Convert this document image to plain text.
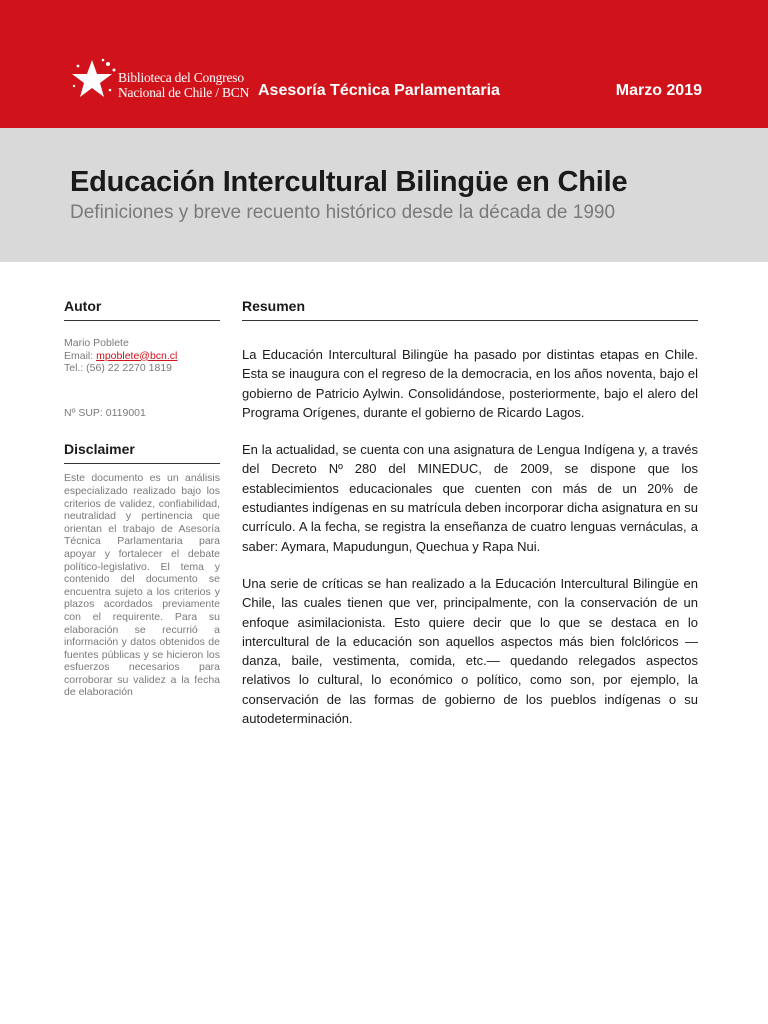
Biblioteca del Congreso
Nacional de Chile / BCN Asesoría Técnica Parlamentaria	Marzo 2019
Educación Intercultural Bilingüe en Chile
Definiciones y breve recuento histórico desde la década de 1990
Autor
Mario Poblete
Email: mpoblete@bcn.cl
Tel.: (56) 22 2270 1819
Nº SUP: 0119001
Disclaimer
Este documento es un análisis especializado realizado bajo los criterios de validez, confiabilidad, neutralidad y pertinencia que orientan el trabajo de Asesoría Técnica Parlamentaria para apoyar y fortalecer el debate político-legislativo. El tema y contenido del documento se encuentra sujeto a los criterios y plazos acordados previamente con el requirente. Para su elaboración se recurrió a información y datos obtenidos de fuentes públicas y se hicieron los esfuerzos necesarios para corroborar su validez a la fecha de elaboración
Resumen

La Educación Intercultural Bilingüe ha pasado por distintas etapas en Chile. Esta se inaugura con el regreso de la democracia, en los años noventa, bajo el gobierno de Patricio Aylwin. Consolidándose, posteriormente, bajo el alero del Programa Orígenes, durante el gobierno de Ricardo Lagos.

En la actualidad, se cuenta con una asignatura de Lengua Indígena y, a través del Decreto Nº 280 del MINEDUC, de 2009, se dispone que los establecimientos educacionales que cuenten con más de un 20% de estudiantes indígenas en su matrícula deben incorporar dicha asignatura en su currículo. A la fecha, se registra la enseñanza de cuatro lenguas vernáculas, a saber: Aymara, Mapudungun, Quechua y Rapa Nui.

Una serie de críticas se han realizado a la Educación Intercultural Bilingüe en Chile, las cuales tienen que ver, principalmente, con la conservación de un enfoque asimilacionista. Esto quiere decir que lo que se destaca en lo intercultural de la educación son aquellos aspectos más bien folclóricos —danza, baile, vestimenta, comida, etc.— quedando relegados aspectos relativos lo cultural, lo económico o político, como son, por ejemplo, la conservación de las formas de gobierno de los pueblos indígenas o su autodeterminación.
